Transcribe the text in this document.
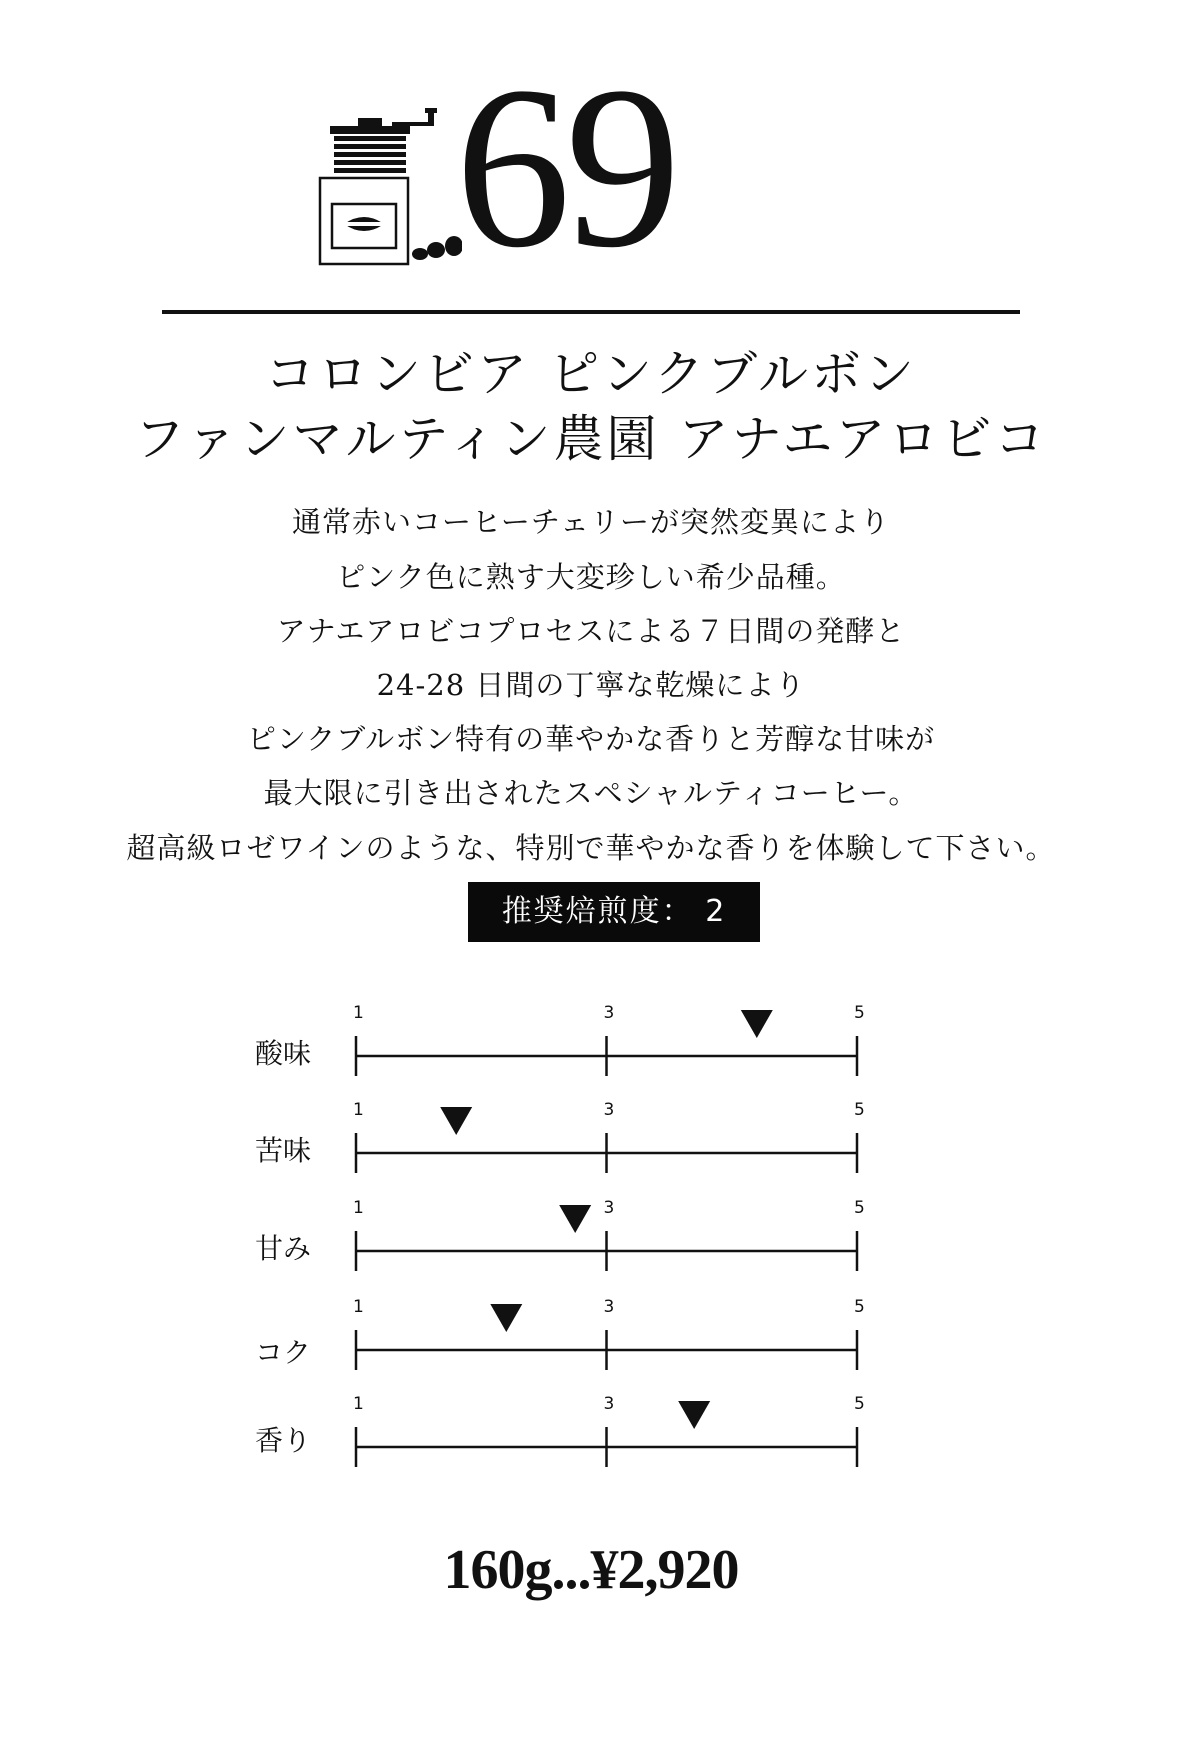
69
コロンビア ピンクブルボン
ファンマルティン農園 アナエアロビコ
通常赤いコーヒーチェリーが突然変異により
ピンク色に熟す大変珍しい希少品種。
アナエアロビコプロセスによる７日間の発酵と
24-28 日間の丁寧な乾燥により
ピンクブルボン特有の華やかな香りと芳醇な甘味が
最大限に引き出されたスペシャルティコーヒー。
超高級ロゼワインのような、特別で華やかな香りを体験して下さい。
推奨焙煎度： 2
酸味
1	3	5
苦味
1	3	5
甘み
1	3	5
コク
1	3	5
香り
1	3	5
160g...¥2,920
